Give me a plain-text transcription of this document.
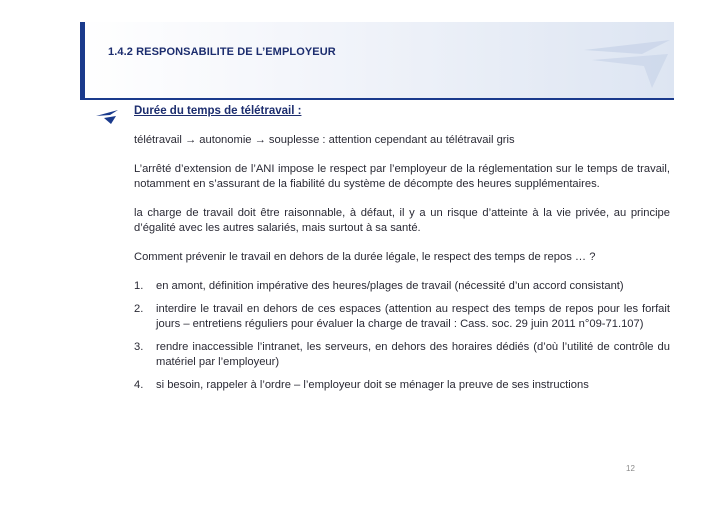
1.4.2 RESPONSABILITE DE L’EMPLOYEUR
Durée du temps de télétravail :
télétravail → autonomie → souplesse : attention cependant au télétravail gris
L’arrêté d’extension de l’ANI impose le respect par l’employeur de la réglementation sur le temps de travail, notamment en s’assurant de la fiabilité du système de décompte des heures supplémentaires.
la charge de travail doit être raisonnable, à défaut, il y a un risque d’atteinte à la vie privée, au principe d’égalité avec les autres salariés, mais surtout à sa santé.
Comment prévenir le travail en dehors de la durée légale, le respect des temps de repos … ?
1.	en amont, définition impérative des heures/plages de travail (nécessité d’un accord consistant)
2.	interdire le travail en dehors de ces espaces (attention au respect des temps de repos pour les forfait jours – entretiens réguliers pour évaluer la charge de travail : Cass. soc. 29 juin 2011 n°09-71.107)
3.	rendre inaccessible l’intranet, les serveurs, en dehors des horaires dédiés (d’où l’utilité de contrôle du matériel par l’employeur)
4.	si besoin, rappeler à l’ordre – l’employeur doit se ménager la preuve de ses instructions
12
